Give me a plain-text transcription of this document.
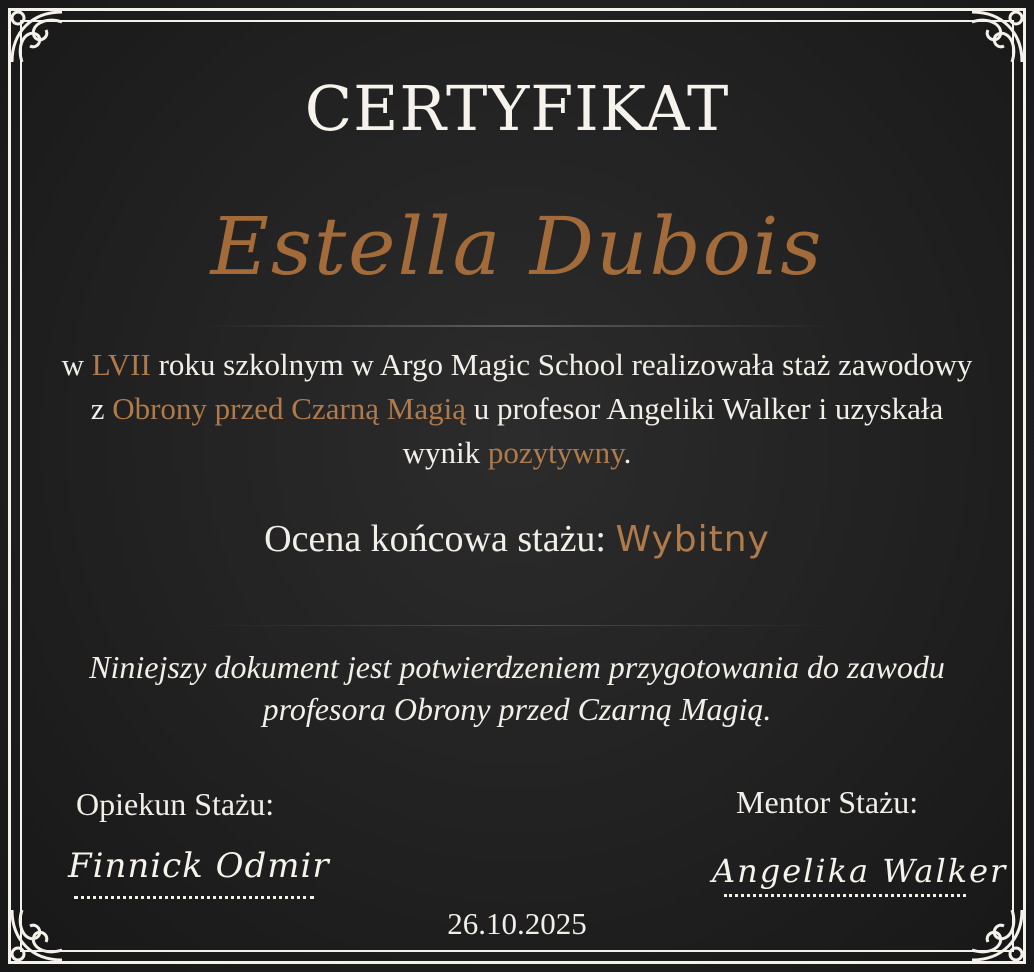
CERTYFIKAT
Estella Dubois
w LVII roku szkolnym w Argo Magic School realizowała staż zawodowy z Obrony przed Czarną Magią u profesor Angeliki Walker i uzyskała wynik pozytywny.
Ocena końcowa stażu: Wybitny
Niniejszy dokument jest potwierdzeniem przygotowania do zawodu profesora Obrony przed Czarną Magią.
Opiekun Stażu:
Finnick Odmir
Mentor Stażu:
Angelika Walker
26.10.2025
